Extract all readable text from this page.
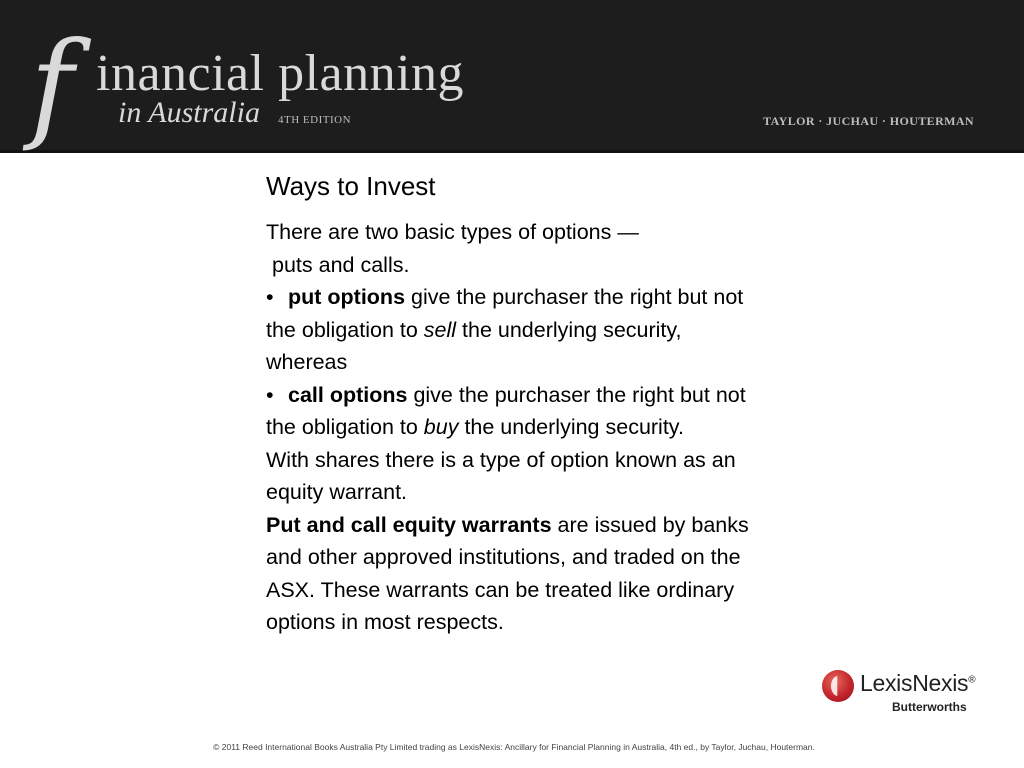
f inancial planning
in Australia 4TH EDITION	TAYLOR · JUCHAU · HOUTERMAN
Ways to Invest
There are two basic types of options —
puts and calls.
• put options give the purchaser the right but not the obligation to sell the underlying security, whereas
• call options give the purchaser the right but not the obligation to buy the underlying security.
With shares there is a type of option known as an equity warrant.
Put and call equity warrants are issued by banks and other approved institutions, and traded on the ASX. These warrants can be treated like ordinary options in most respects.
LexisNexis®
Butterworths
© 2011 Reed International Books Australia Pty Limited trading as LexisNexis: Ancillary for Financial Planning in Australia, 4th ed., by Taylor, Juchau, Houterman.
